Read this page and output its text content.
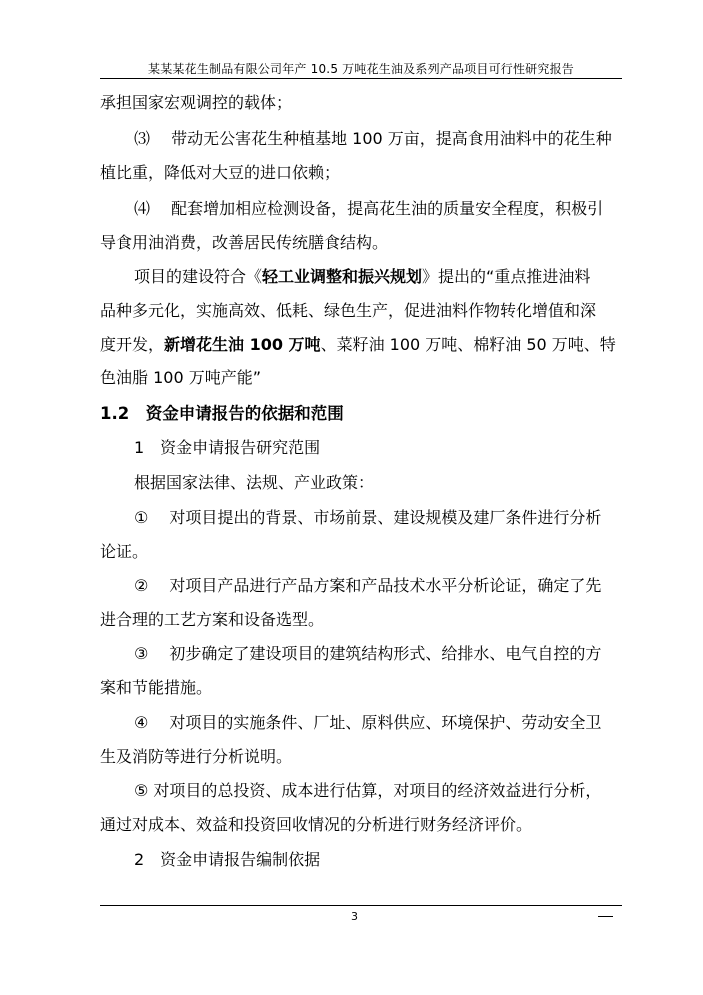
某某某花生制品有限公司年产 10.5 万吨花生油及系列产品项目可行性研究报告
承担国家宏观调控的载体；
⑶　 带动无公害花生种植基地 100 万亩，提高食用油料中的花生种
植比重，降低对大豆的进口依赖；
⑷　 配套增加相应检测设备，提高花生油的质量安全程度，积极引
导食用油消费，改善居民传统膳食结构。
项目的建设符合《轻工业调整和振兴规划》提出的“重点推进油料
品种多元化，实施高效、低耗、绿色生产，促进油料作物转化增值和深
度开发，新增花生油 100 万吨、菜籽油 100 万吨、棉籽油 50 万吨、特
色油脂 100 万吨产能”
1.2　资金申请报告的依据和范围
1　资金申请报告研究范围
根据国家法律、法规、产业政策：
①　 对项目提出的背景、市场前景、建设规模及建厂条件进行分析
论证。
②　 对项目产品进行产品方案和产品技术水平分析论证，确定了先
进合理的工艺方案和设备选型。
③　 初步确定了建设项目的建筑结构形式、给排水、电气自控的方
案和节能措施。
④　 对项目的实施条件、厂址、原料供应、环境保护、劳动安全卫
生及消防等进行分析说明。
⑤ 对项目的总投资、成本进行估算，对项目的经济效益进行分析，
通过对成本、效益和投资回收情况的分析进行财务经济评价。
2　资金申请报告编制依据
3
